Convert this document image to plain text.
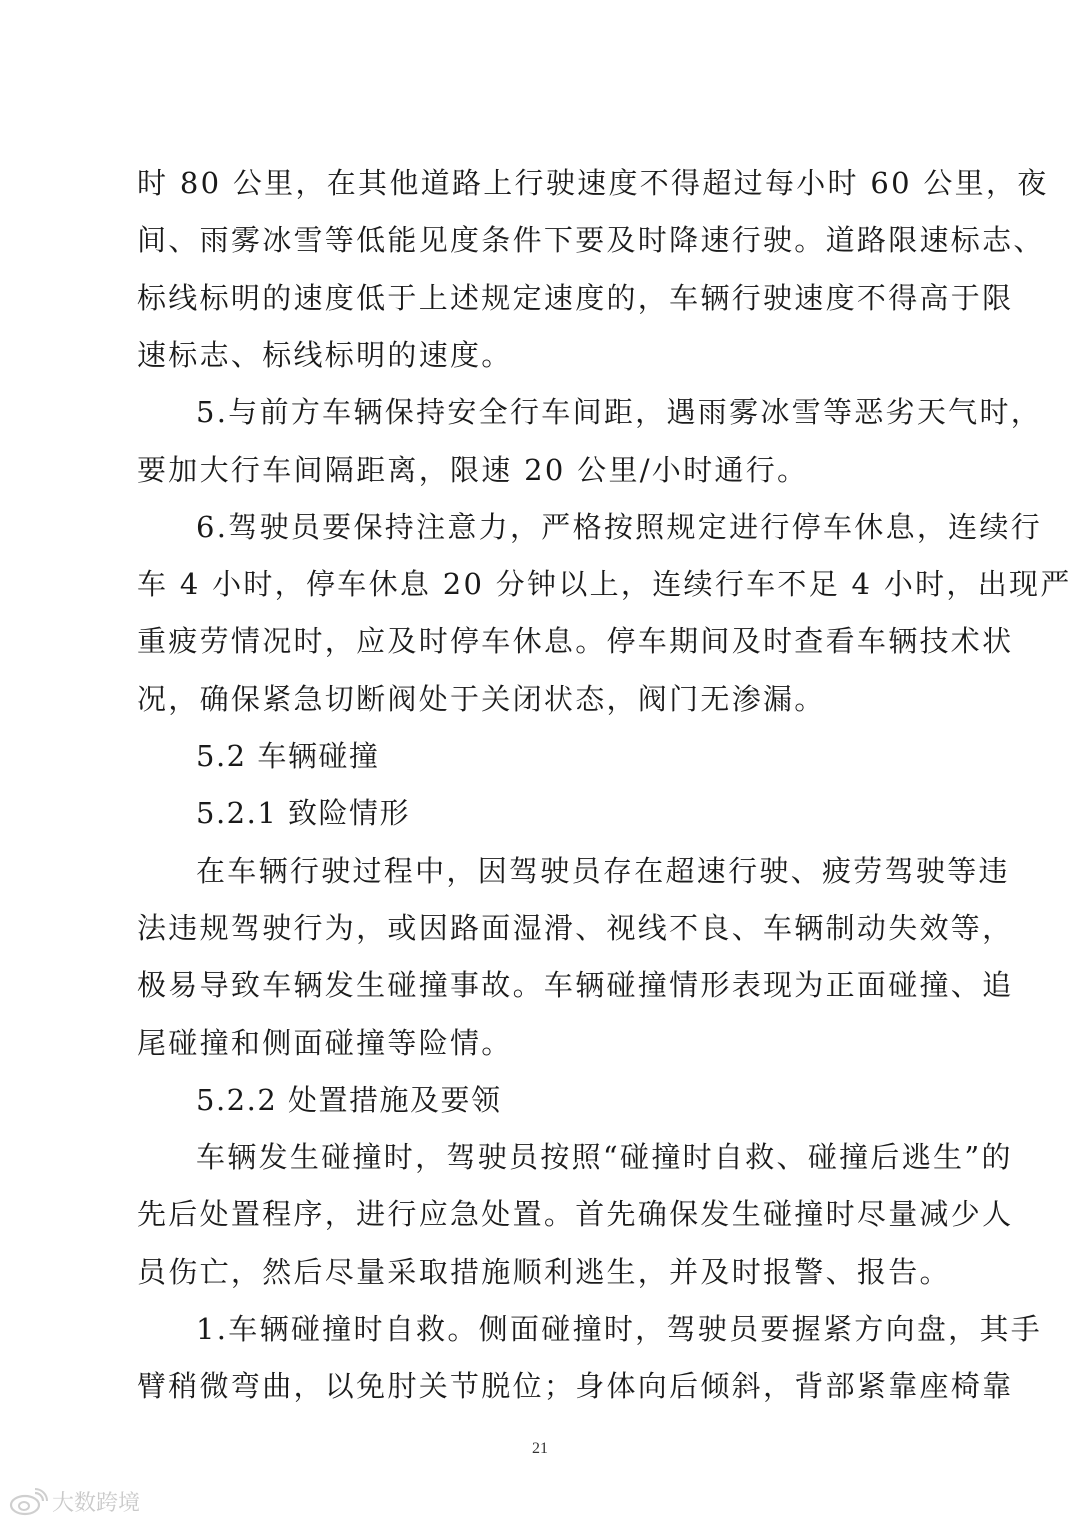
时 80 公里，在其他道路上行驶速度不得超过每小时 60 公里，夜
间、雨雾冰雪等低能见度条件下要及时降速行驶。道路限速标志、
标线标明的速度低于上述规定速度的，车辆行驶速度不得高于限
速标志、标线标明的速度。
5.与前方车辆保持安全行车间距，遇雨雾冰雪等恶劣天气时，
要加大行车间隔距离，限速 20 公里/小时通行。
6.驾驶员要保持注意力，严格按照规定进行停车休息，连续行
车 4 小时，停车休息 20 分钟以上，连续行车不足 4 小时，出现严
重疲劳情况时，应及时停车休息。停车期间及时查看车辆技术状
况，确保紧急切断阀处于关闭状态，阀门无渗漏。
5.2 车辆碰撞
5.2.1 致险情形
在车辆行驶过程中，因驾驶员存在超速行驶、疲劳驾驶等违
法违规驾驶行为，或因路面湿滑、视线不良、车辆制动失效等，
极易导致车辆发生碰撞事故。车辆碰撞情形表现为正面碰撞、追
尾碰撞和侧面碰撞等险情。
5.2.2 处置措施及要领
车辆发生碰撞时，驾驶员按照“碰撞时自救、碰撞后逃生”的
先后处置程序，进行应急处置。首先确保发生碰撞时尽量减少人
员伤亡，然后尽量采取措施顺利逃生，并及时报警、报告。
1.车辆碰撞时自救。侧面碰撞时，驾驶员要握紧方向盘，其手
臂稍微弯曲，以免肘关节脱位；身体向后倾斜，背部紧靠座椅靠
21
大数跨境
